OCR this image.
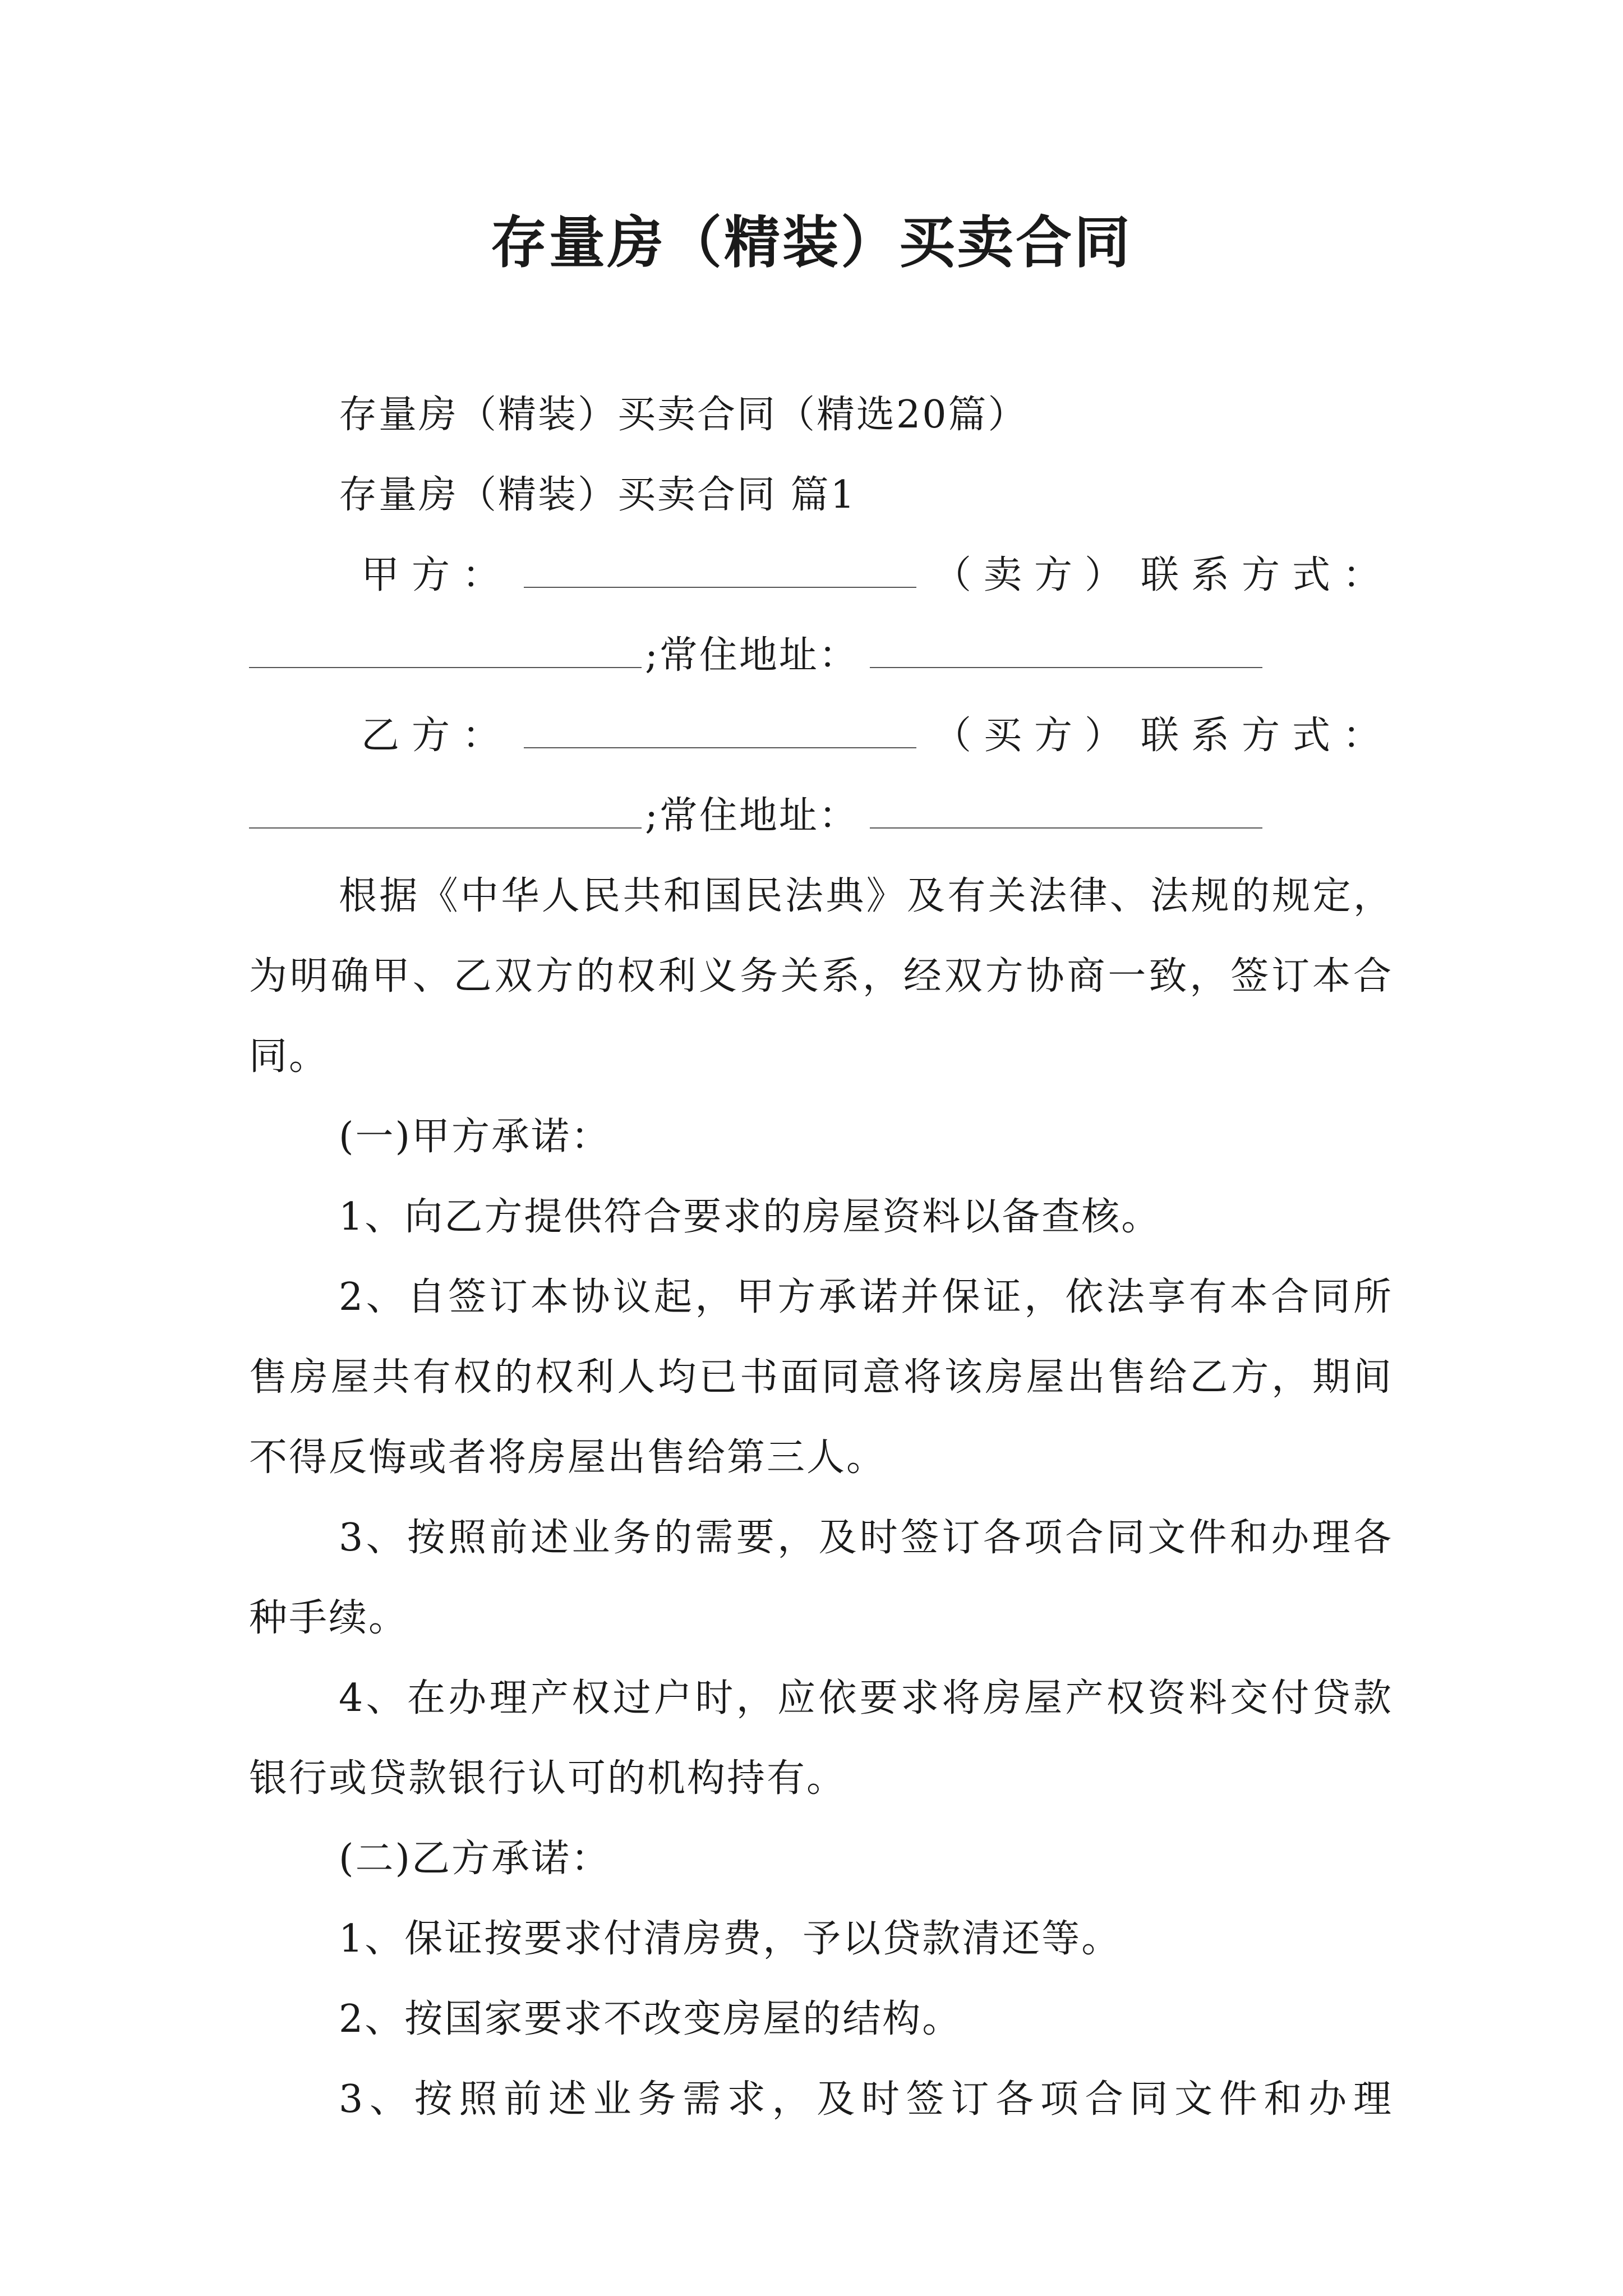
存量房（精装）买卖合同

存量房（精装）买卖合同（精选20篇）

存量房（精装）买卖合同 篇1

甲方：	（卖方） 联系方式：

;常住地址：

乙方：	（买方） 联系方式：

;常住地址：

根据《中华人民共和国民法典》及有关法律、法规的规定，为明确甲、乙双方的权利义务关系，经双方协商一致，签订本合同。

(一)甲方承诺：

1、向乙方提供符合要求的房屋资料以备查核。

2、自签订本协议起，甲方承诺并保证，依法享有本合同所售房屋共有权的权利人均已书面同意将该房屋出售给乙方，期间不得反悔或者将房屋出售给第三人。

3、按照前述业务的需要，及时签订各项合同文件和办理各种手续。

4、在办理产权过户时，应依要求将房屋产权资料交付贷款银行或贷款银行认可的机构持有。

(二)乙方承诺：

1、保证按要求付清房费，予以贷款清还等。

2、按国家要求不改变房屋的结构。

3、按照前述业务需求，及时签订各项合同文件和办理
